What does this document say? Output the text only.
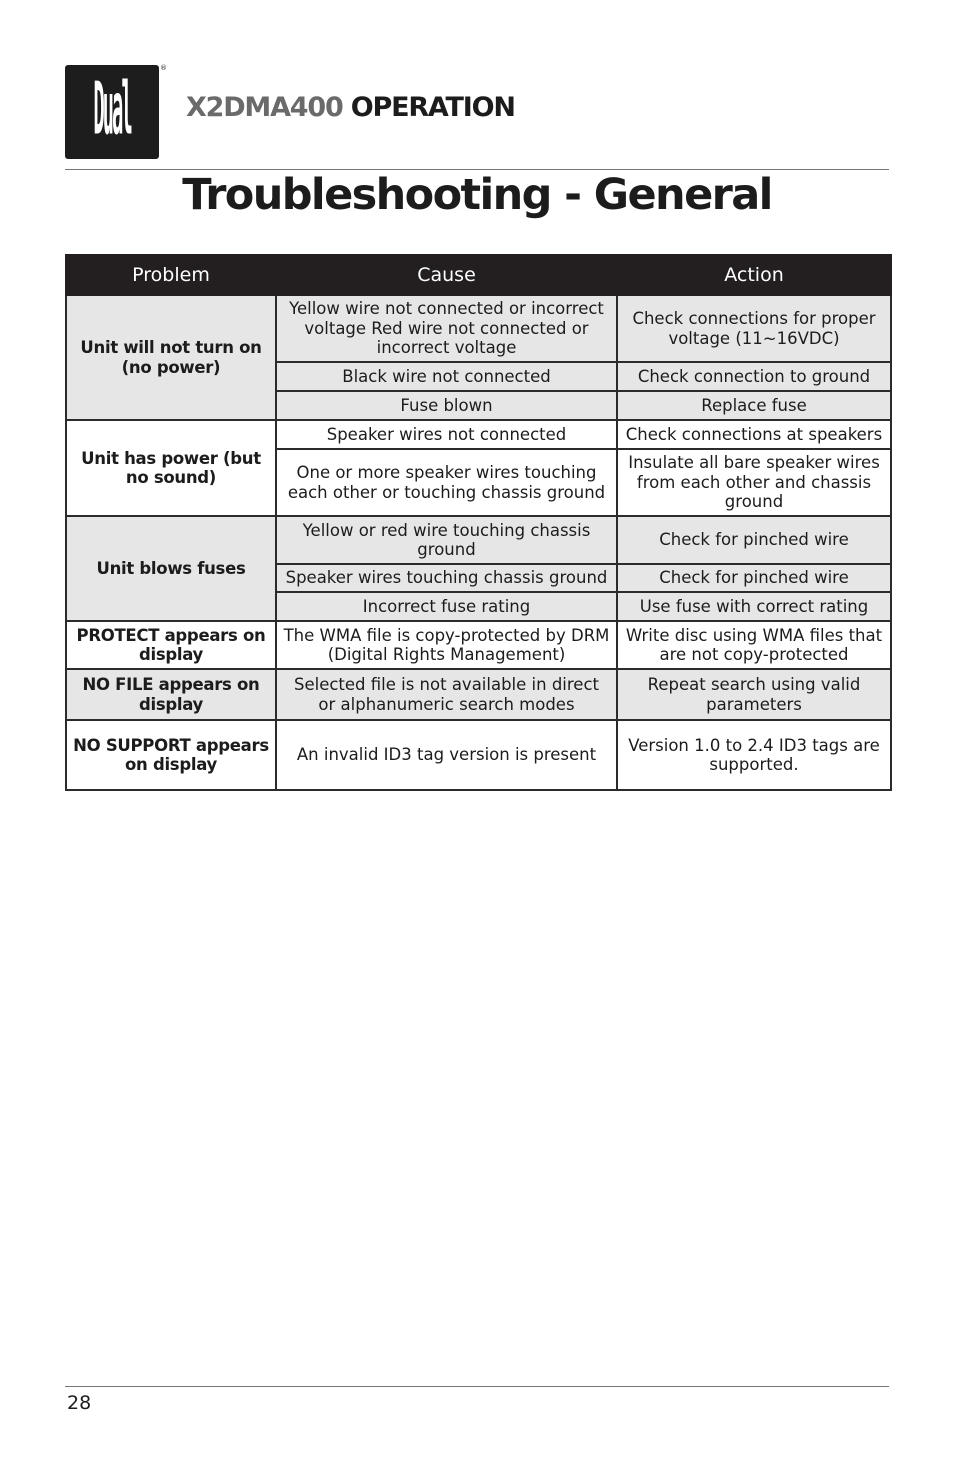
Dual
®
X2DMA400 OPERATION
Troubleshooting - General
Problem	Cause	Action
Unit will not turn on (no power)	Yellow wire not connected or incorrect voltage Red wire not connected or incorrect voltage	Check connections for proper voltage (11~16VDC)
	Black wire not connected	Check connection to ground
	Fuse blown	Replace fuse
Unit has power (but no sound)	Speaker wires not connected	Check connections at speakers
	One or more speaker wires touching each other or touching chassis ground	Insulate all bare speaker wires from each other and chassis ground
Unit blows fuses	Yellow or red wire touching chassis ground	Check for pinched wire
	Speaker wires touching chassis ground	Check for pinched wire
	Incorrect fuse rating	Use fuse with correct rating
PROTECT appears on display	The WMA file is copy-protected by DRM (Digital Rights Management)	Write disc using WMA files that are not copy-protected
NO FILE appears on display	Selected file is not available in direct or alphanumeric search modes	Repeat search using valid parameters
NO SUPPORT appears on display	An invalid ID3 tag version is present	Version 1.0 to 2.4 ID3 tags are supported.
28
